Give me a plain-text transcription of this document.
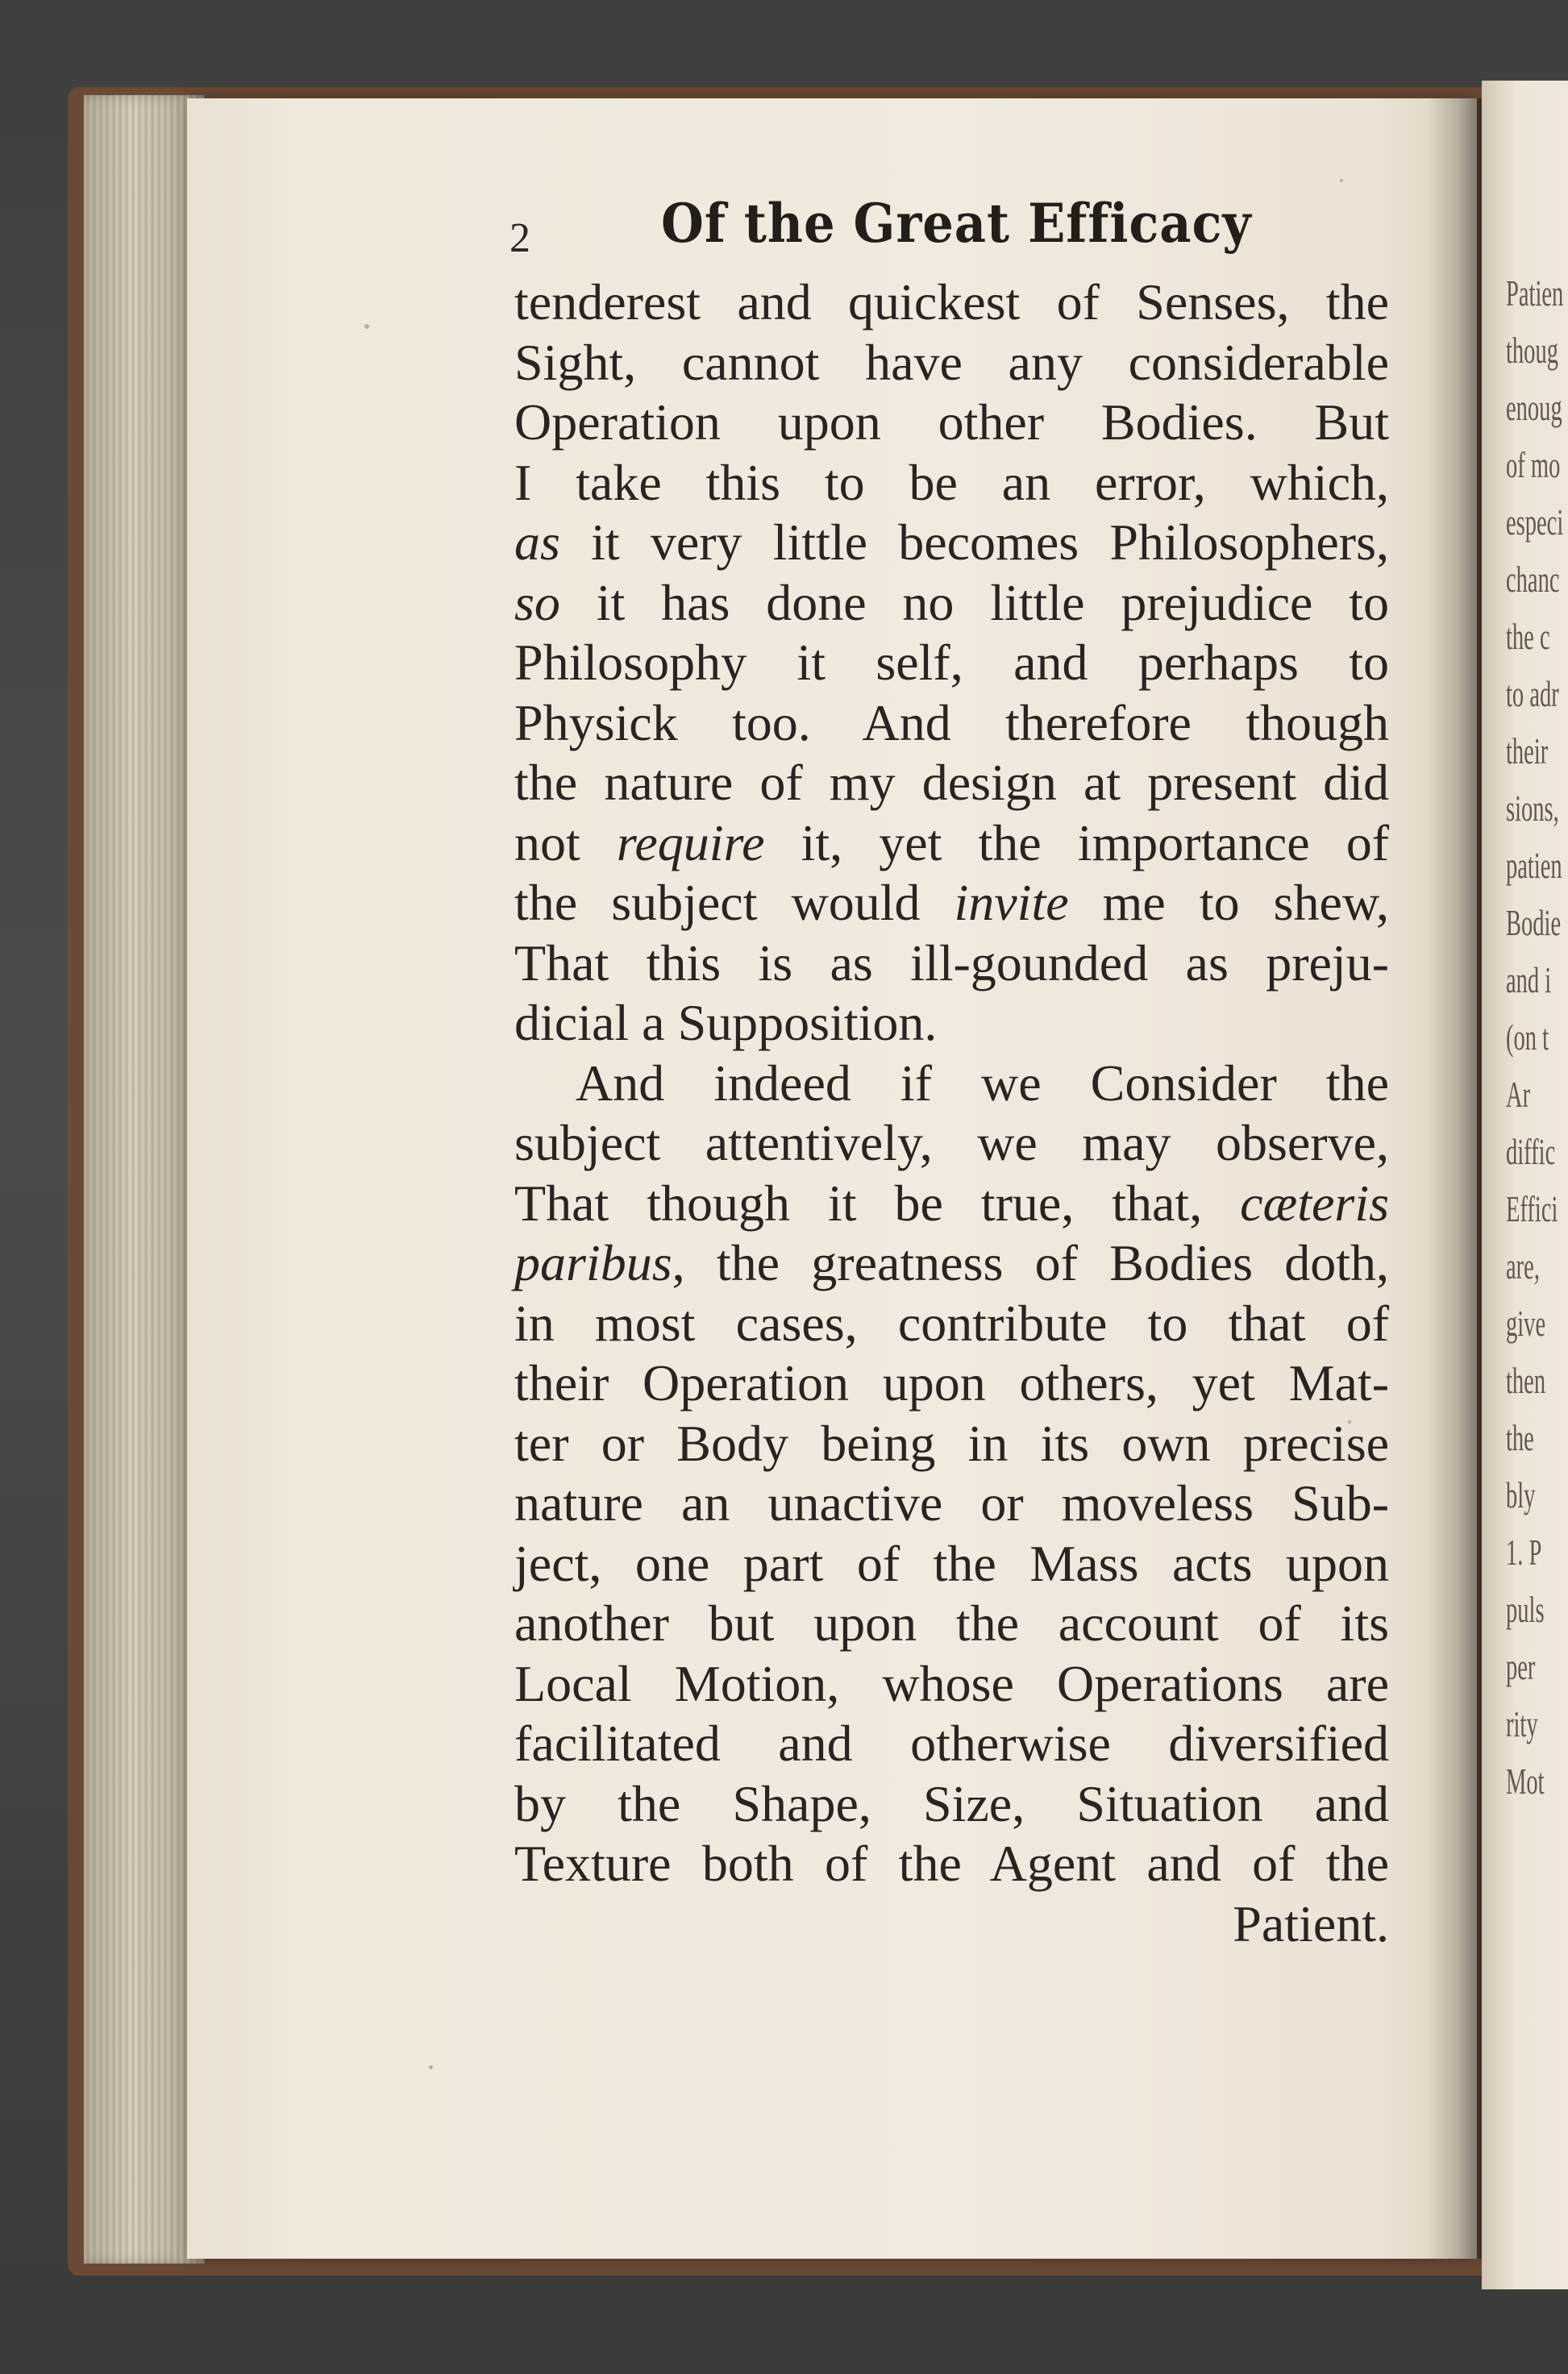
Patien
thoug
enoug
of mo
especi
chanc
the c
to adr
their
sions,
patien
Bodie
and i
(on t
Ar
diffic
Effici
are,
give
then
the
bly
1. P
puls
per
rity
Mot
2 Of the Great Efficacy
tenderest and quickest of Senses, the
Sight, cannot have any considerable
Operation upon other Bodies. But
I take this to be an error, which,
as it very little becomes Philosophers,
so it has done no little prejudice to
Philosophy it self, and perhaps to
Physick too. And therefore though
the nature of my design at present did
not require it, yet the importance of
the subject would invite me to shew,
That this is as ill-gounded as preju-
dicial a Supposition.
And indeed if we Consider the
subject attentively, we may observe,
That though it be true, that, cæteris
paribus, the greatness of Bodies doth,
in most cases, contribute to that of
their Operation upon others, yet Mat-
ter or Body being in its own precise
nature an unactive or moveless Sub-
ject, one part of the Mass acts upon
another but upon the account of its
Local Motion, whose Operations are
facilitated and otherwise diversified
by the Shape, Size, Situation and
Texture both of the Agent and of the
Patient.
